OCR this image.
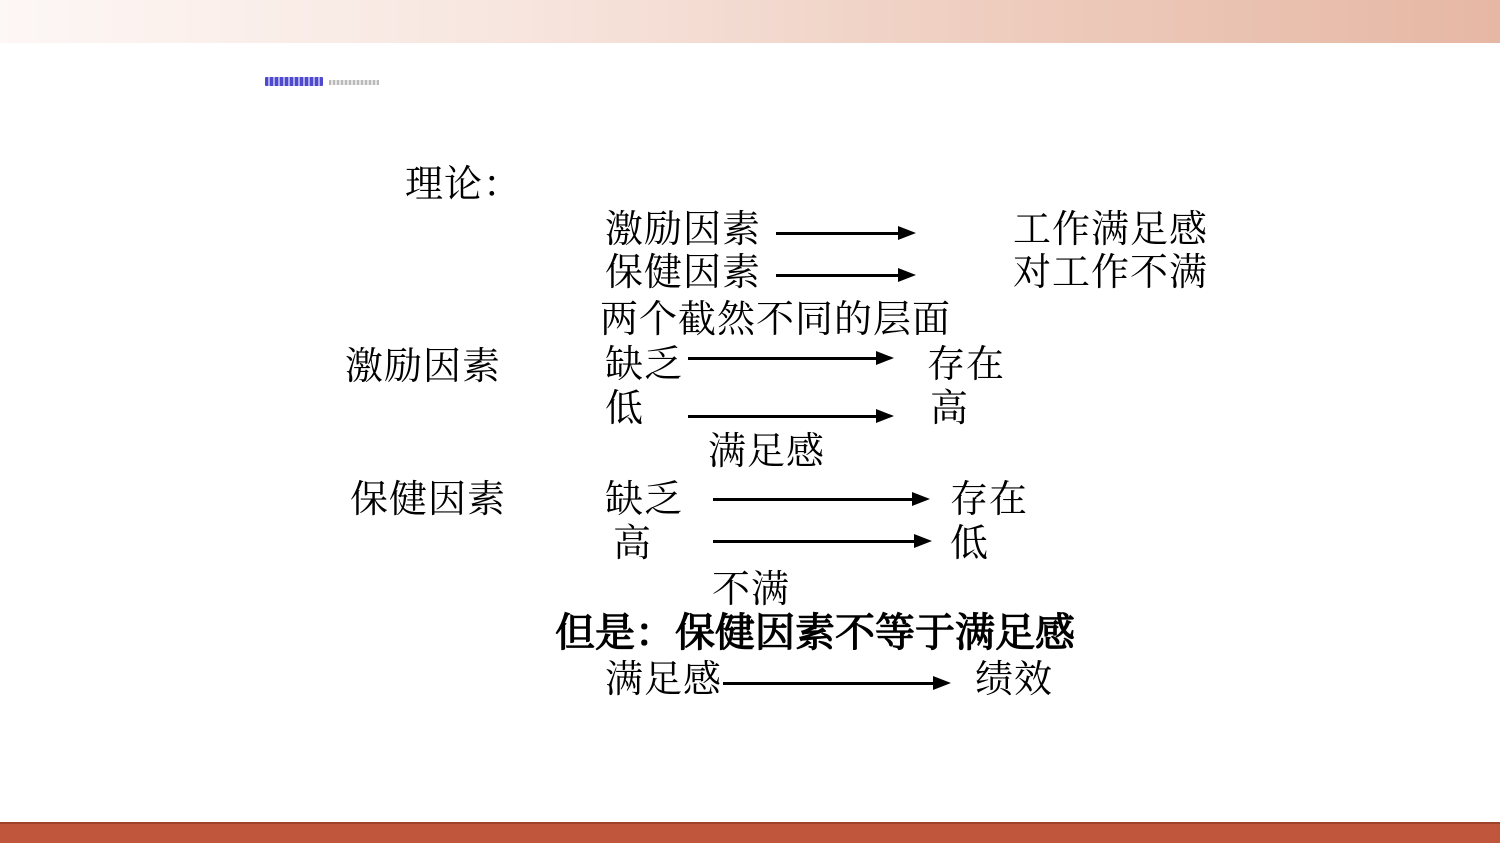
理论：
激励因素	工作满足感
保健因素	对工作不满
两个截然不同的层面
激励因素	缺乏	存在
低	高
满足感
保健因素	缺乏	存在
高	低
不满
但是：保健因素不等于满足感
满足感	绩效
